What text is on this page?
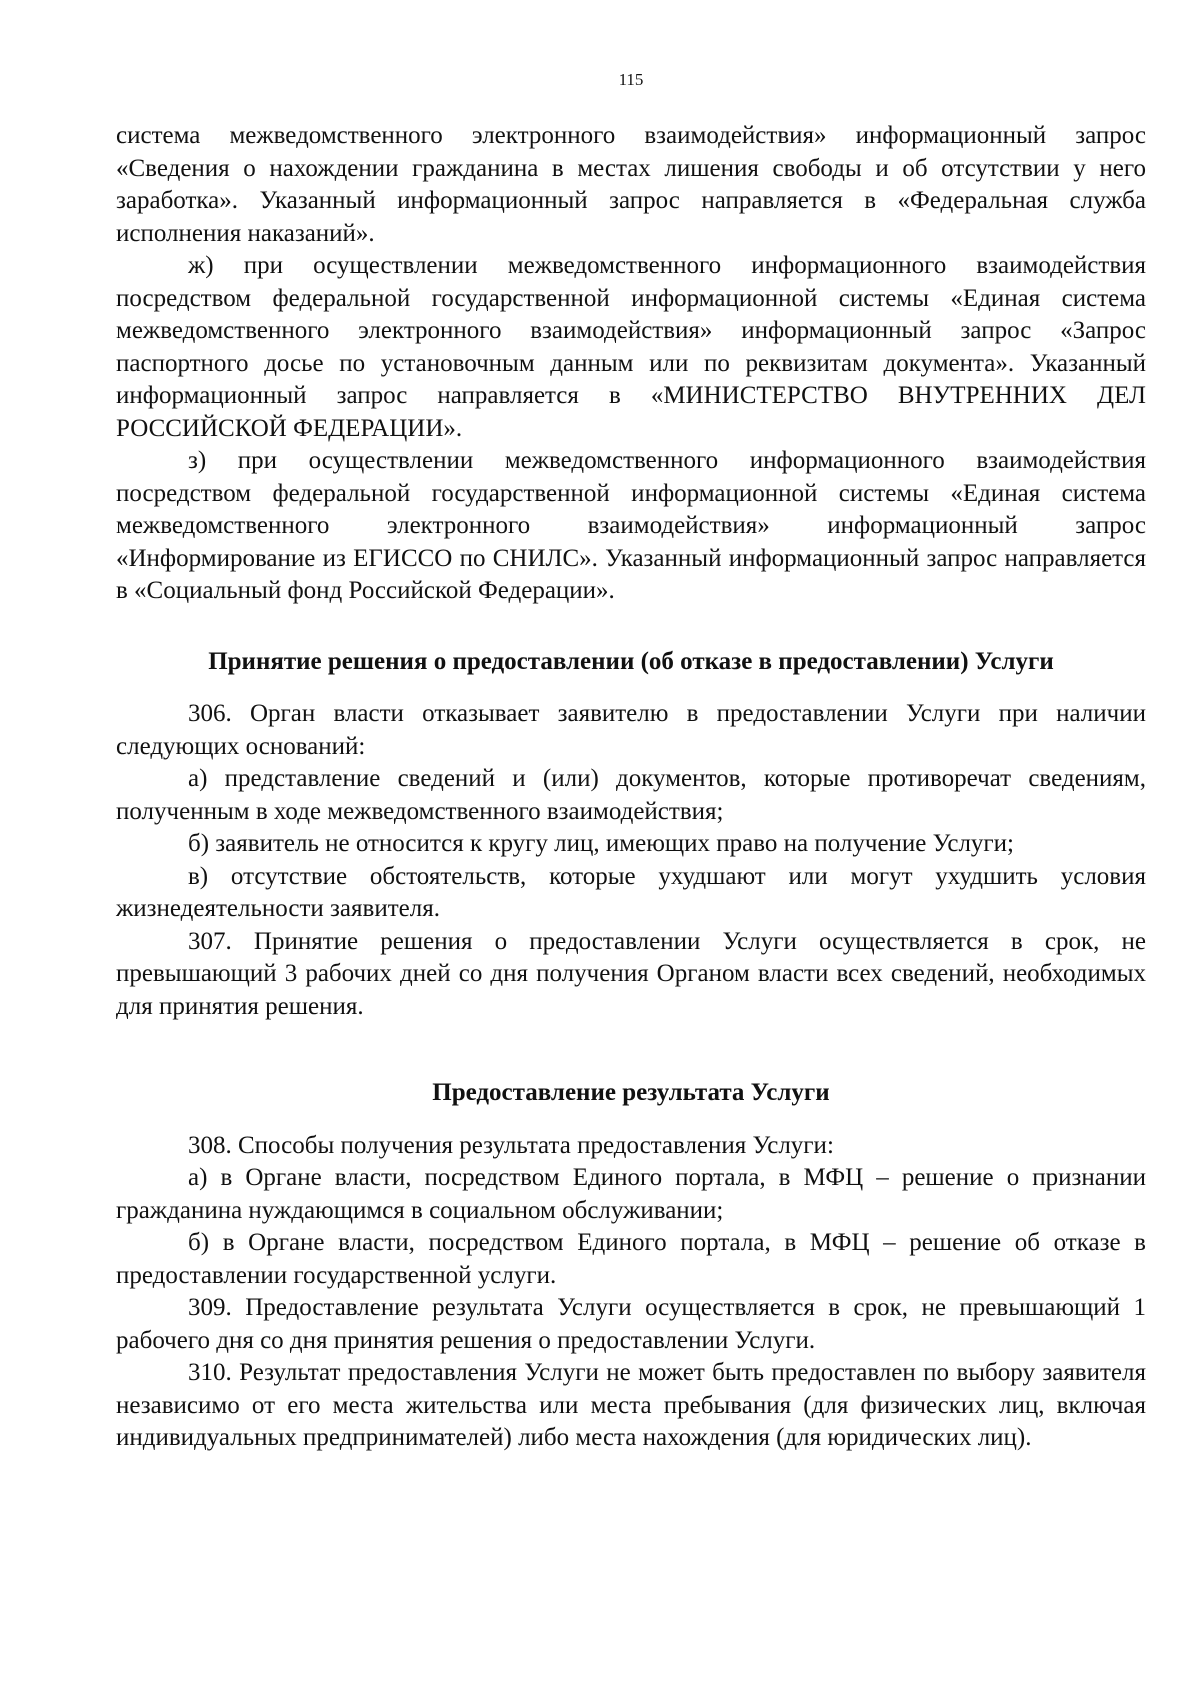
115

система межведомственного электронного взаимодействия» информационный запрос «Сведения о нахождении гражданина в местах лишения свободы и об отсутствии у него заработка». Указанный информационный запрос направляется в «Федеральная служба исполнения наказаний».

ж) при осуществлении межведомственного информационного взаимодействия посредством федеральной государственной информационной системы «Единая система межведомственного электронного взаимодействия» информационный запрос «Запрос паспортного досье по установочным данным или по реквизитам документа». Указанный информационный запрос направляется в «МИНИСТЕРСТВО ВНУТРЕННИХ ДЕЛ РОССИЙСКОЙ ФЕДЕРАЦИИ».

з) при осуществлении межведомственного информационного взаимодействия посредством федеральной государственной информационной системы «Единая система межведомственного электронного взаимодействия» информационный запрос «Информирование из ЕГИССО по СНИЛС». Указанный информационный запрос направляется в «Социальный фонд Российской Федерации».

Принятие решения о предоставлении (об отказе в предоставлении) Услуги

306. Орган власти отказывает заявителю в предоставлении Услуги при наличии следующих оснований:

а) представление сведений и (или) документов, которые противоречат сведениям, полученным в ходе межведомственного взаимодействия;

б) заявитель не относится к кругу лиц, имеющих право на получение Услуги;

в) отсутствие обстоятельств, которые ухудшают или могут ухудшить условия жизнедеятельности заявителя.

307. Принятие решения о предоставлении Услуги осуществляется в срок, не превышающий 3 рабочих дней со дня получения Органом власти всех сведений, необходимых для принятия решения.

Предоставление результата Услуги

308. Способы получения результата предоставления Услуги:

а) в Органе власти, посредством Единого портала, в МФЦ – решение о признании гражданина нуждающимся в социальном обслуживании;

б) в Органе власти, посредством Единого портала, в МФЦ – решение об отказе в предоставлении государственной услуги.

309. Предоставление результата Услуги осуществляется в срок, не превышающий 1 рабочего дня со дня принятия решения о предоставлении Услуги.

310. Результат предоставления Услуги не может быть предоставлен по выбору заявителя независимо от его места жительства или места пребывания (для физических лиц, включая индивидуальных предпринимателей) либо места нахождения (для юридических лиц).
